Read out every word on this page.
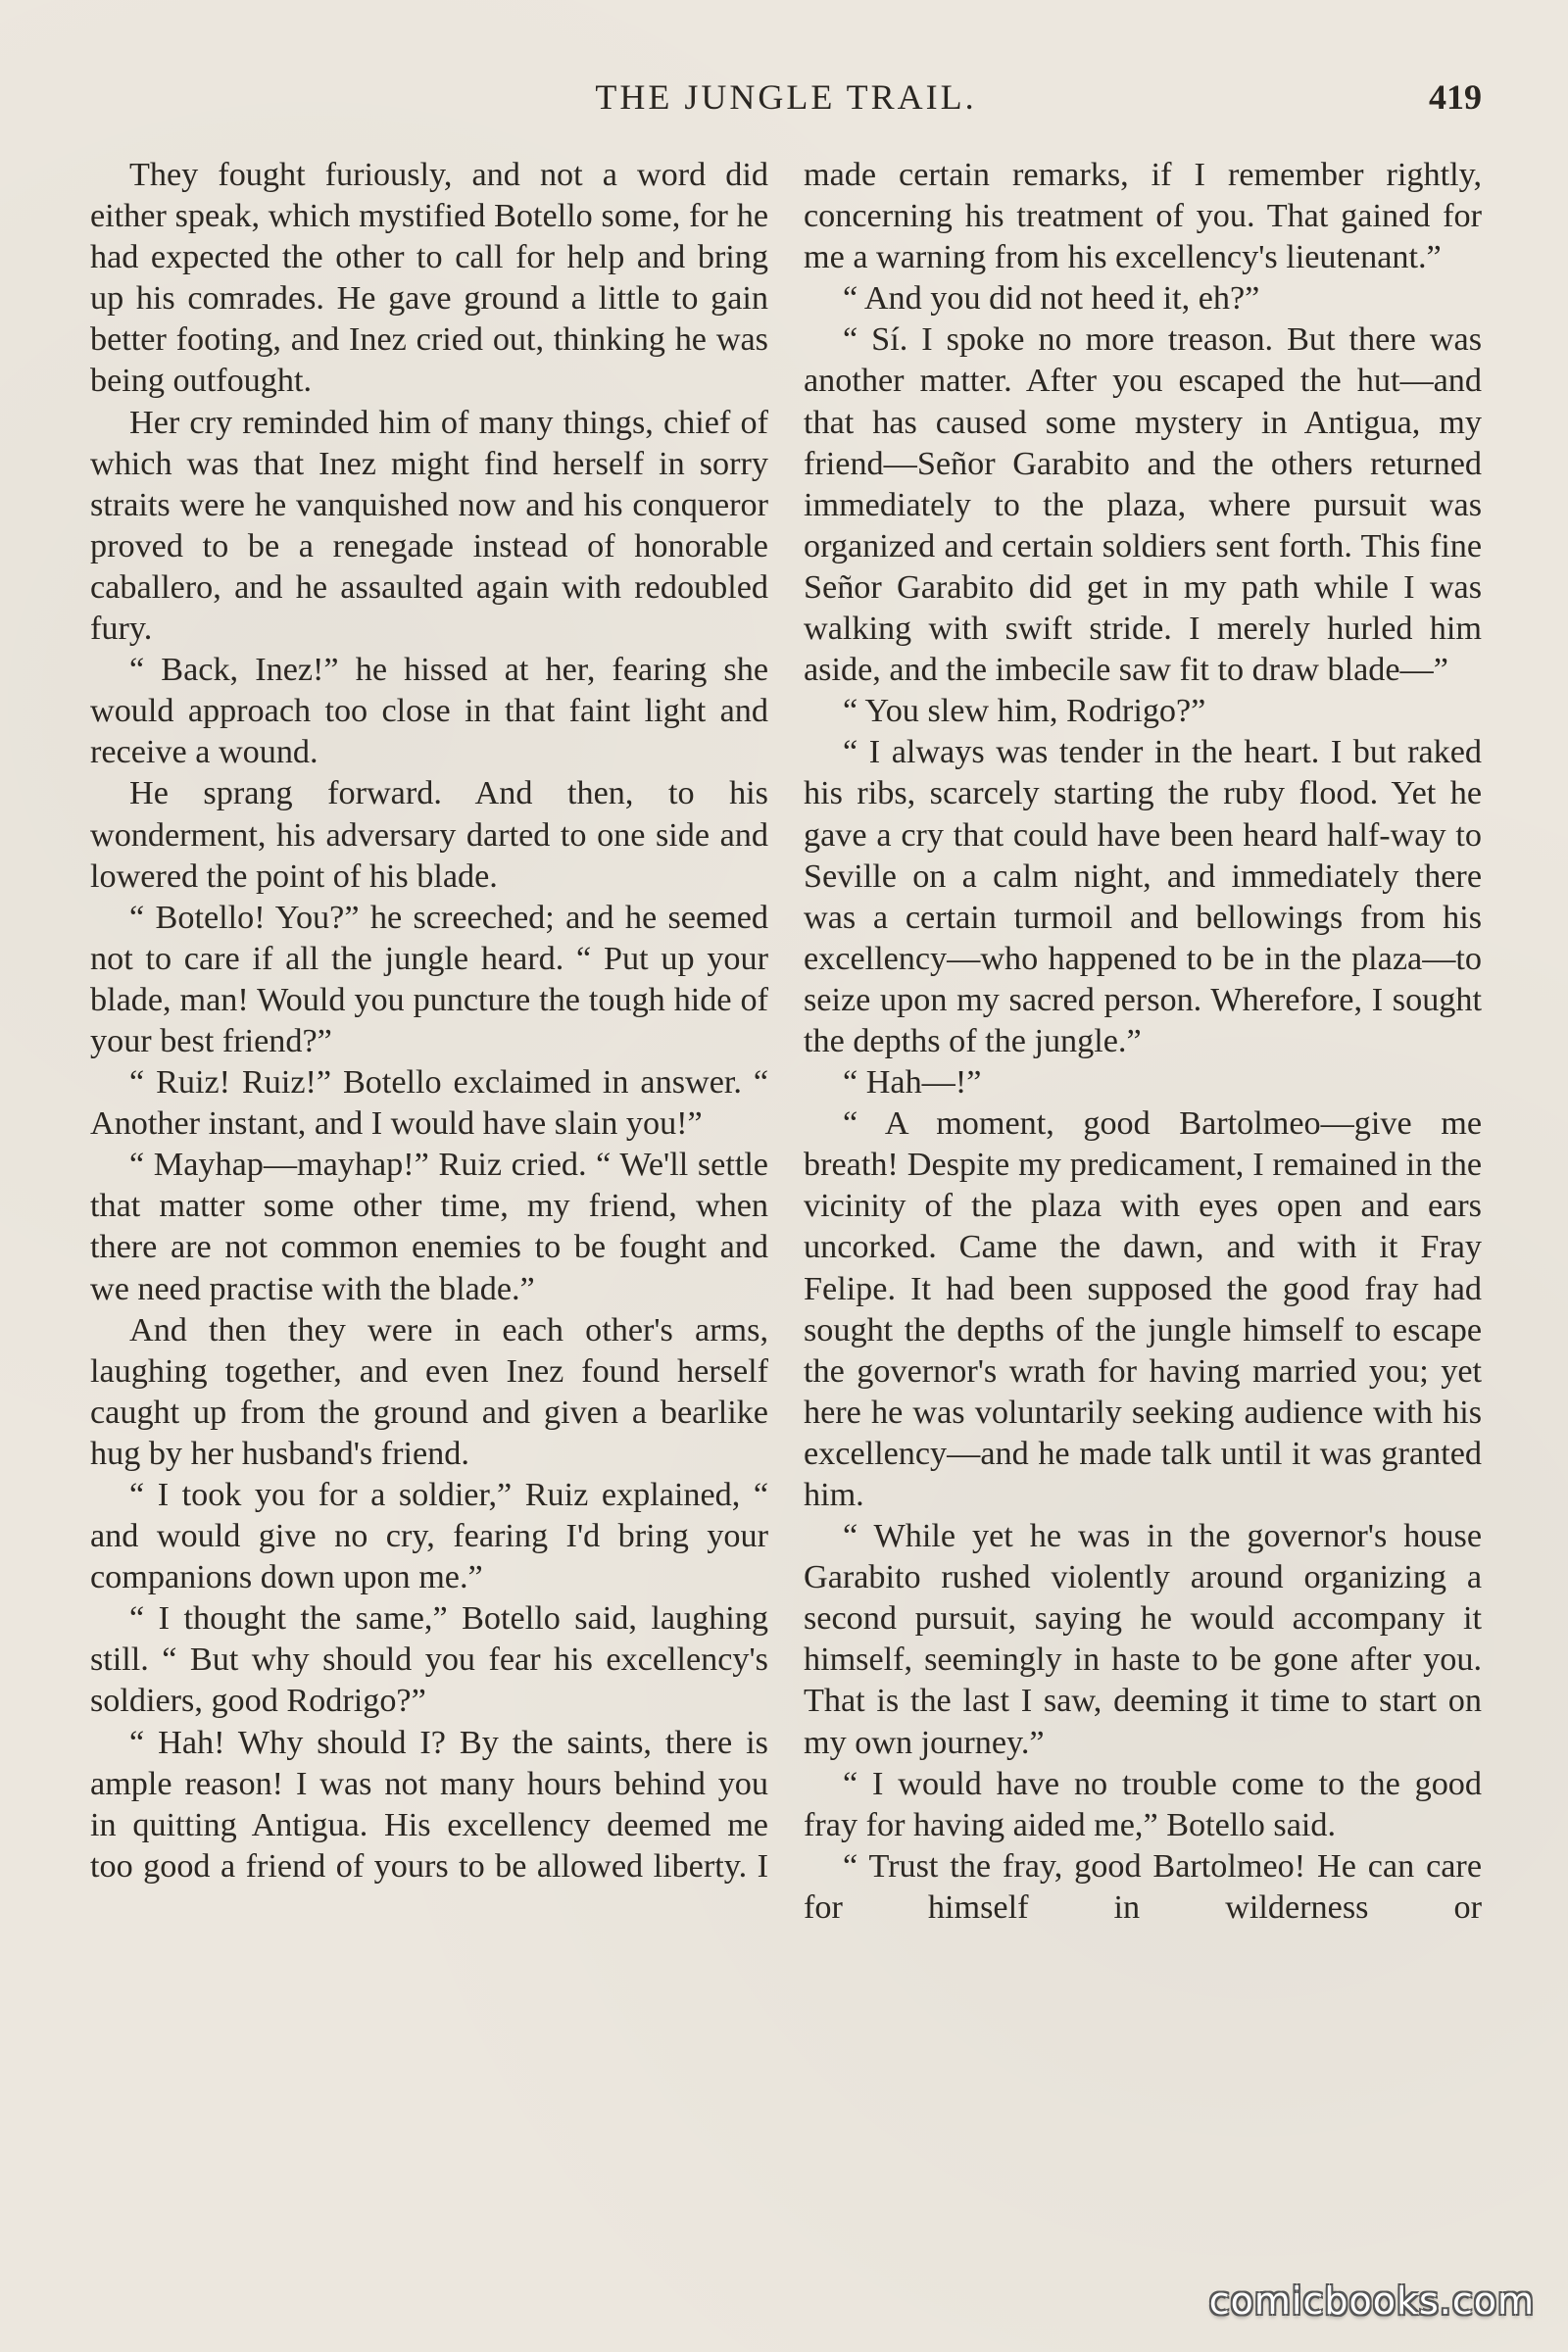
THE JUNGLE TRAIL.	419

They fought furiously, and not a word did either speak, which mystified Botello some, for he had expected the other to call for help and bring up his comrades. He gave ground a little to gain better footing, and Inez cried out, thinking he was being outfought.

Her cry reminded him of many things, chief of which was that Inez might find herself in sorry straits were he vanquished now and his conqueror proved to be a renegade instead of honorable caballero, and he assaulted again with redoubled fury.

“ Back, Inez!” he hissed at her, fearing she would approach too close in that faint light and receive a wound.

He sprang forward. And then, to his wonderment, his adversary darted to one side and lowered the point of his blade.

“ Botello! You?” he screeched; and he seemed not to care if all the jungle heard. “ Put up your blade, man! Would you puncture the tough hide of your best friend?”

“ Ruiz! Ruiz!” Botello exclaimed in answer. “ Another instant, and I would have slain you!”

“ Mayhap—mayhap!” Ruiz cried. “ We'll settle that matter some other time, my friend, when there are not common enemies to be fought and we need practise with the blade.”

And then they were in each other's arms, laughing together, and even Inez found herself caught up from the ground and given a bearlike hug by her husband's friend.

“ I took you for a soldier,” Ruiz explained, “ and would give no cry, fearing I'd bring your companions down upon me.”

“ I thought the same,” Botello said, laughing still. “ But why should you fear his excellency's soldiers, good Rodrigo?”

“ Hah! Why should I? By the saints, there is ample reason! I was not many hours behind you in quitting Antigua. His excellency deemed me too good a friend of yours to be allowed liberty. I

made certain remarks, if I remember rightly, concerning his treatment of you. That gained for me a warning from his excellency's lieutenant.”

“ And you did not heed it, eh?”

“ Sí. I spoke no more treason. But there was another matter. After you escaped the hut—and that has caused some mystery in Antigua, my friend—Señor Garabito and the others returned immediately to the plaza, where pursuit was organized and certain soldiers sent forth. This fine Señor Garabito did get in my path while I was walking with swift stride. I merely hurled him aside, and the imbecile saw fit to draw blade—”

“ You slew him, Rodrigo?”

“ I always was tender in the heart. I but raked his ribs, scarcely starting the ruby flood. Yet he gave a cry that could have been heard half-way to Seville on a calm night, and immediately there was a certain turmoil and bellowings from his excellency—who happened to be in the plaza—to seize upon my sacred person. Wherefore, I sought the depths of the jungle.”

“ Hah—!”

“ A moment, good Bartolmeo—give me breath! Despite my predicament, I remained in the vicinity of the plaza with eyes open and ears uncorked. Came the dawn, and with it Fray Felipe. It had been supposed the good fray had sought the depths of the jungle himself to escape the governor's wrath for having married you; yet here he was voluntarily seeking audience with his excellency—and he made talk until it was granted him.

“ While yet he was in the governor's house Garabito rushed violently around organizing a second pursuit, saying he would accompany it himself, seemingly in haste to be gone after you. That is the last I saw, deeming it time to start on my own journey.”

“ I would have no trouble come to the good fray for having aided me,” Botello said.

“ Trust the fray, good Bartolmeo! He can care for himself in wilderness or

comicbooks.com
